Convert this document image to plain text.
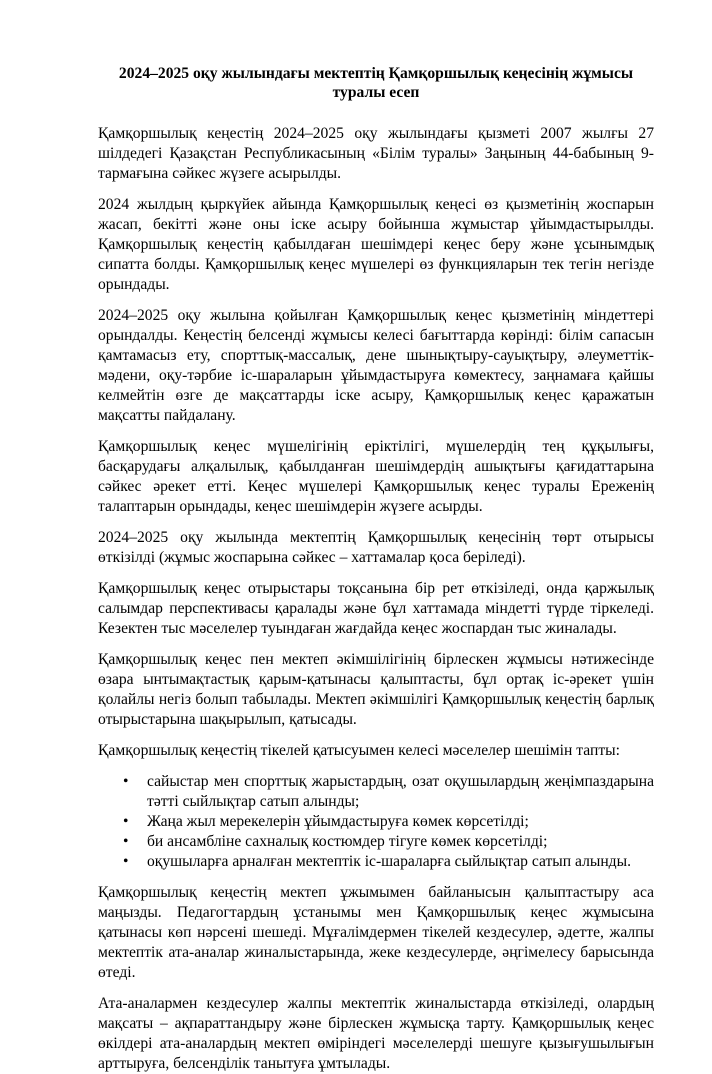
2024–2025 оқу жылындағы мектептің Қамқоршылық кеңесінің жұмысы туралы есеп

Қамқоршылық кеңестің 2024–2025 оқу жылындағы қызметі 2007 жылғы 27 шілдедегі Қазақстан Республикасының «Білім туралы» Заңының 44-бабының 9-тармағына сәйкес жүзеге асырылды.

2024 жылдың қыркүйек айында Қамқоршылық кеңесі өз қызметінің жоспарын жасап, бекітті және оны іске асыру бойынша жұмыстар ұйымдастырылды. Қамқоршылық кеңестің қабылдаған шешімдері кеңес беру және ұсынымдық сипатта болды. Қамқоршылық кеңес мүшелері өз функцияларын тек тегін негізде орындады.

2024–2025 оқу жылына қойылған Қамқоршылық кеңес қызметінің міндеттері орындалды. Кеңестің белсенді жұмысы келесі бағыттарда көрінді: білім сапасын қамтамасыз ету, спорттық-массалық, дене шынықтыру-сауықтыру, әлеуметтік-мәдени, оқу-тәрбие іс-шараларын ұйымдастыруға көмектесу, заңнамаға қайшы келмейтін өзге де мақсаттарды іске асыру, Қамқоршылық кеңес қаражатын мақсатты пайдалану.

Қамқоршылық кеңес мүшелігінің еріктілігі, мүшелердің тең құқылығы, басқарудағы алқалылық, қабылданған шешімдердің ашықтығы қағидаттарына сәйкес әрекет етті. Кеңес мүшелері Қамқоршылық кеңес туралы Ереженің талаптарын орындады, кеңес шешімдерін жүзеге асырды.

2024–2025 оқу жылында мектептің Қамқоршылық кеңесінің төрт отырысы өткізілді (жұмыс жоспарына сәйкес – хаттамалар қоса беріледі).

Қамқоршылық кеңес отырыстары тоқсанына бір рет өткізіледі, онда қаржылық салымдар перспективасы қаралады және бұл хаттамада міндетті түрде тіркеледі. Кезектен тыс мәселелер туындаған жағдайда кеңес жоспардан тыс жиналады.

Қамқоршылық кеңес пен мектеп әкімшілігінің бірлескен жұмысы нәтижесінде өзара ынтымақтастық қарым-қатынасы қалыптасты, бұл ортақ іс-әрекет үшін қолайлы негіз болып табылады. Мектеп әкімшілігі Қамқоршылық кеңестің барлық отырыстарына шақырылып, қатысады.

Қамқоршылық кеңестің тікелей қатысуымен келесі мәселелер шешімін тапты:

• сайыстар мен спорттық жарыстардың, озат оқушылардың жеңімпаздарына тәтті сыйлықтар сатып алынды;
• Жаңа жыл мерекелерін ұйымдастыруға көмек көрсетілді;
• би ансамбліне сахналық костюмдер тігуге көмек көрсетілді;
• оқушыларға арналған мектептік іс-шараларға сыйлықтар сатып алынды.

Қамқоршылық кеңестің мектеп ұжымымен байланысын қалыптастыру аса маңызды. Педагогтардың ұстанымы мен Қамқоршылық кеңес жұмысына қатынасы көп нәрсені шешеді. Мұғалімдермен тікелей кездесулер, әдетте, жалпы мектептік ата-аналар жиналыстарында, жеке кездесулерде, әңгімелесу барысында өтеді.

Ата-аналармен кездесулер жалпы мектептік жиналыстарда өткізіледі, олардың мақсаты – ақпараттандыру және бірлескен жұмысқа тарту. Қамқоршылық кеңес өкілдері ата-аналардың мектеп өміріндегі мәселелерді шешуге қызығушылығын арттыруға, белсенділік танытуға ұмтылады.
